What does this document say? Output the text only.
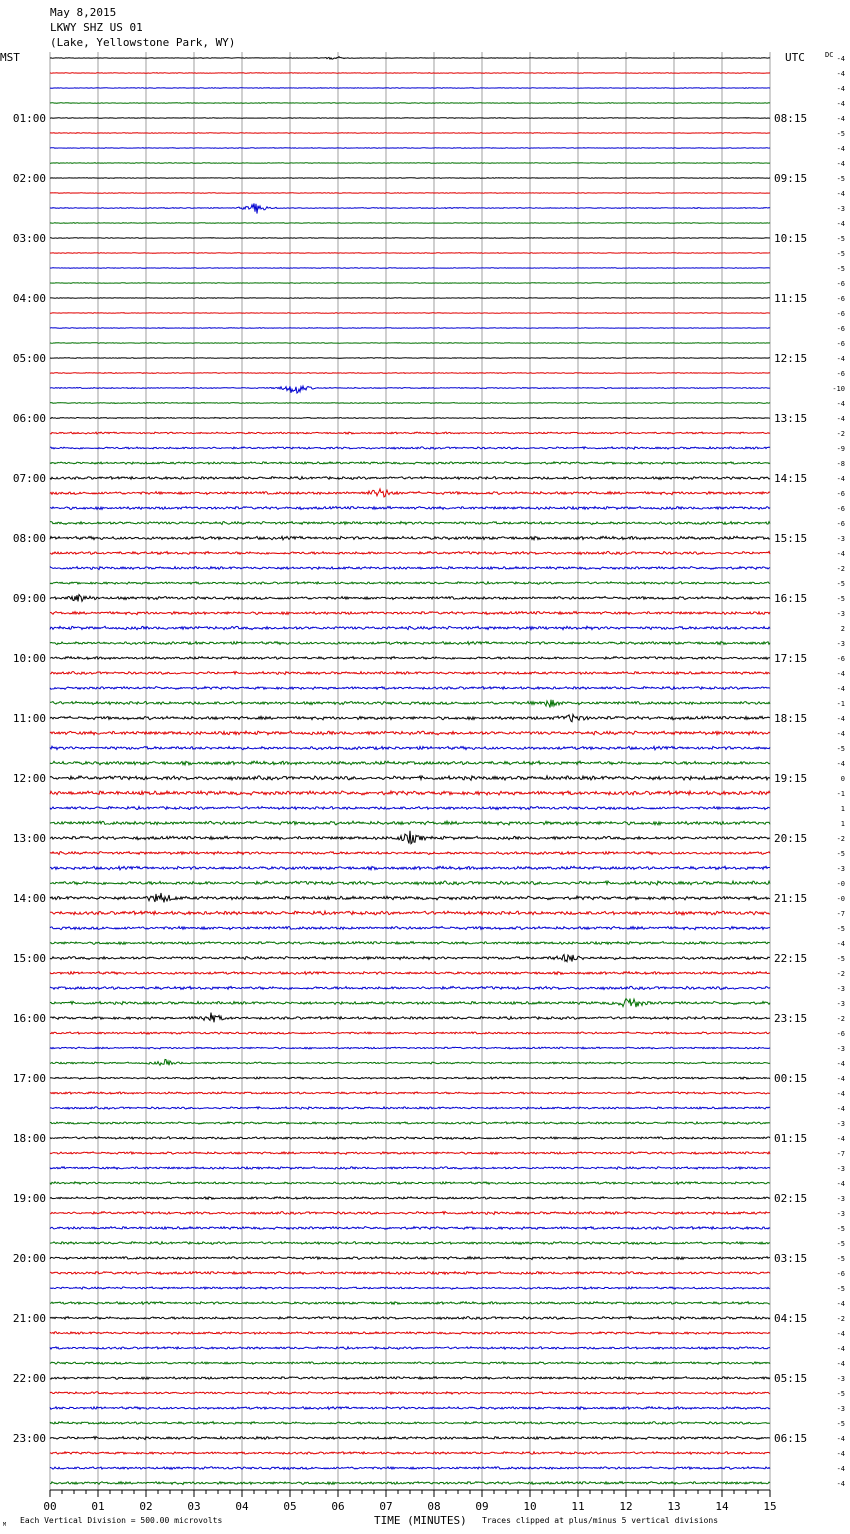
May 8,2015
LKWY SHZ US 01
(Lake, Yellowstone Park, WY)
MST	UTC	DC
01:00
02:00
03:00
04:00
05:00
06:00
07:00
08:00
09:00
10:00
11:00
12:00
13:00
14:00
15:00
16:00
17:00
18:00
19:00
20:00
21:00
22:00
23:00
08:15
09:15
10:15
11:15
12:15
13:15
14:15
15:15
16:15
17:15
18:15
19:15
20:15
21:15
22:15
23:15
00:15
01:15
02:15
03:15
04:15
05:15
06:15
-4
-4
-4
-4
-4
-5
-4
-4
-5
-4
-3
-4
-5
-5
-5
-6
-6
-6
-6
-6
-4
-6
-10
-4
-4
-2
-9
-8
-4
-6
-6
-6
-3
-4
-2
-5
-5
-3
2
-3
-6
-4
-4
-1
-4
-4
-5
-4
0
-1
1
1
-2
-5
-3
-0
-0
-7
-5
-4
-5
-2
-3
-3
-2
-6
-3
-4
-4
-4
-4
-3
-4
-7
-3
-4
-3
-3
-5
-5
-5
-6
-5
-4
-2
-4
-4
-4
-3
-5
-3
-5
-4
-4
-4
-4
00	01	02	03	04	05	06	07	08	09	10	11	12	13	14	15
M Each Vertical Division = 500.00 microvolts	TIME (MINUTES) Traces clipped at plus/minus 5 vertical divisions
